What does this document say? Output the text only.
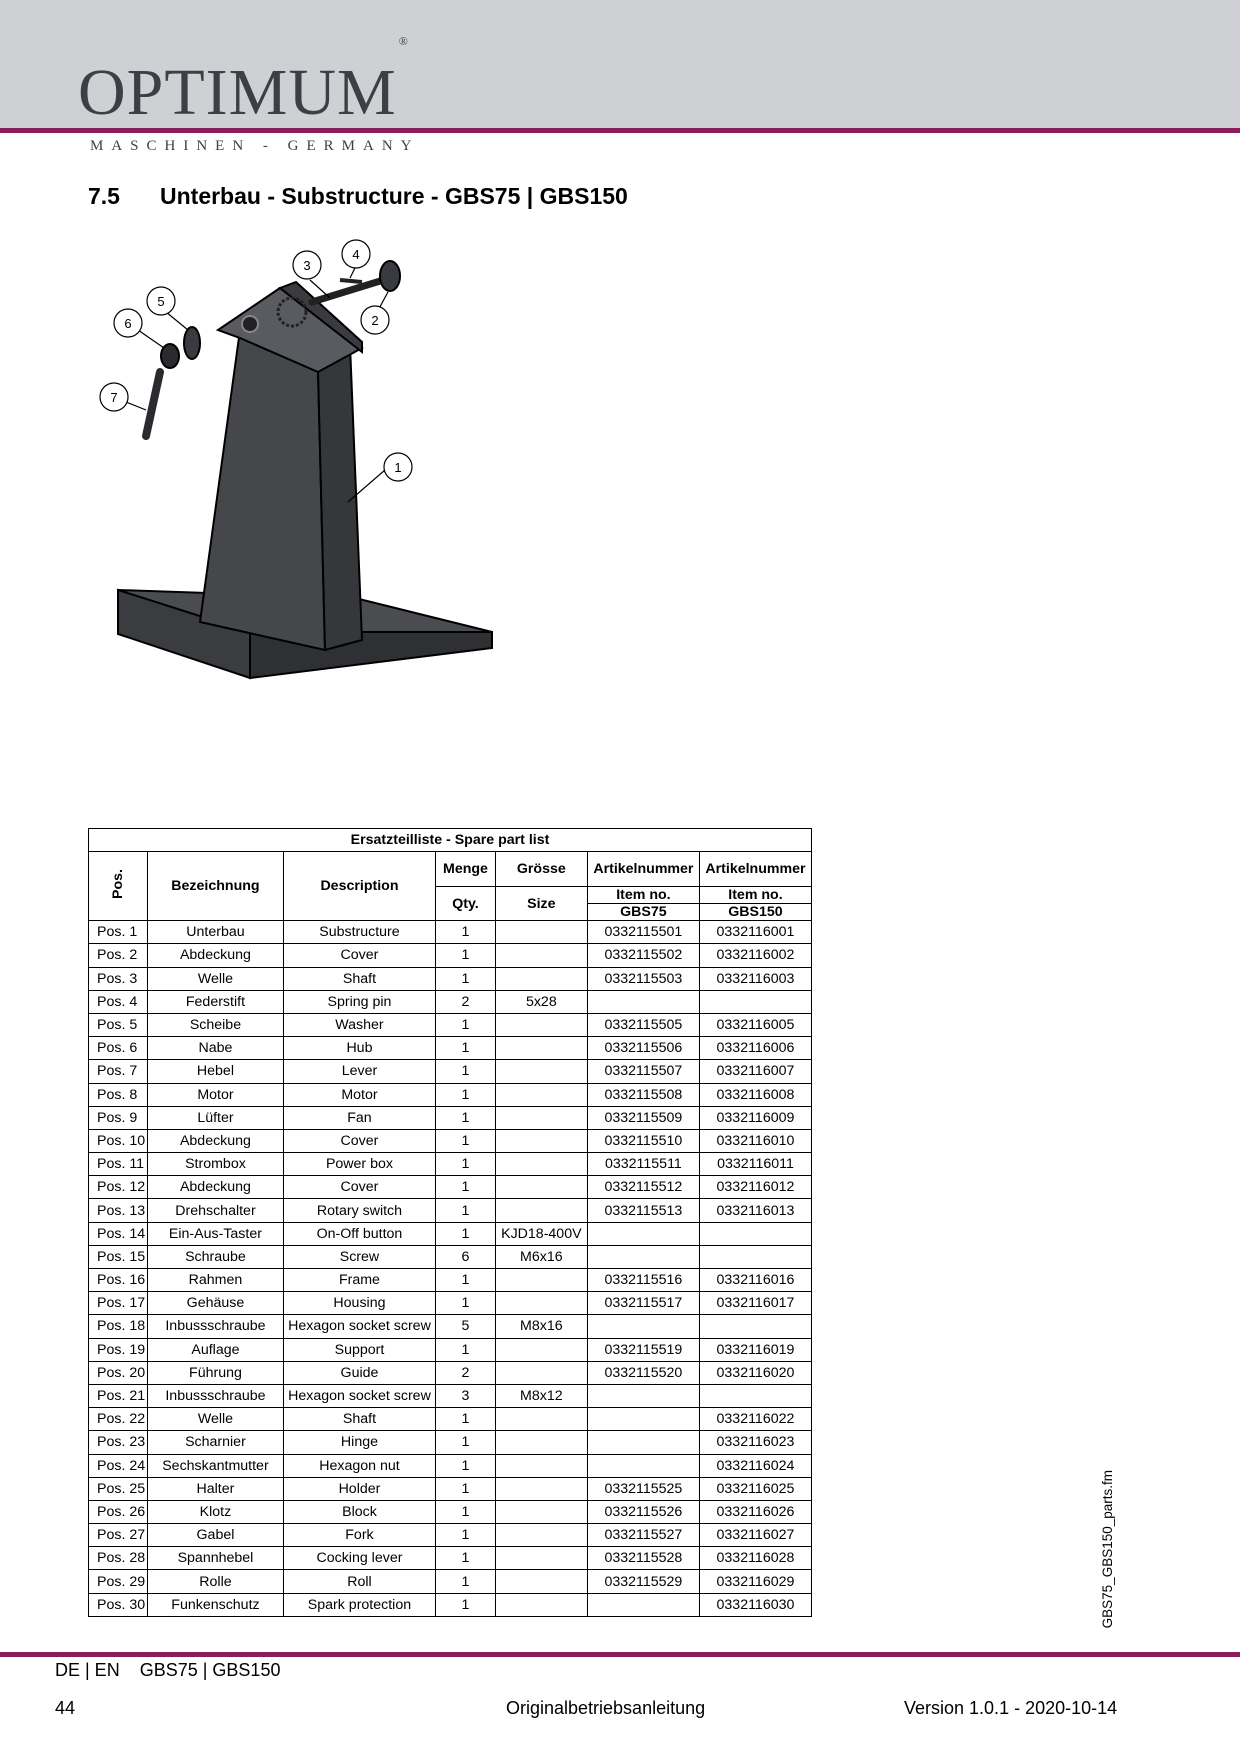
OPTIMUM®
MASCHINEN - GERMANY
7.5 Unterbau - Substructure - GBS75 | GBS150
1
2
3
4
5
6
7
Ersatzteilliste - Spare part list						
Pos.	Bezeichnung	Description	Menge	Grösse	Artikelnummer	Artikelnummer
			Qty.	Size	Item no.	Item no.
					GBS75	GBS150
Pos. 1	Unterbau	Substructure	1		0332115501	0332116001
Pos. 2	Abdeckung	Cover	1		0332115502	0332116002
Pos. 3	Welle	Shaft	1		0332115503	0332116003
Pos. 4	Federstift	Spring pin	2	5x28		
Pos. 5	Scheibe	Washer	1		0332115505	0332116005
Pos. 6	Nabe	Hub	1		0332115506	0332116006
Pos. 7	Hebel	Lever	1		0332115507	0332116007
Pos. 8	Motor	Motor	1		0332115508	0332116008
Pos. 9	Lüfter	Fan	1		0332115509	0332116009
Pos. 10	Abdeckung	Cover	1		0332115510	0332116010
Pos. 11	Strombox	Power box	1		0332115511	0332116011
Pos. 12	Abdeckung	Cover	1		0332115512	0332116012
Pos. 13	Drehschalter	Rotary switch	1		0332115513	0332116013
Pos. 14	Ein-Aus-Taster	On-Off button	1	KJD18-400V		
Pos. 15	Schraube	Screw	6	M6x16		
Pos. 16	Rahmen	Frame	1		0332115516	0332116016
Pos. 17	Gehäuse	Housing	1		0332115517	0332116017
Pos. 18	Inbussschraube	Hexagon socket screw	5	M8x16		
Pos. 19	Auflage	Support	1		0332115519	0332116019
Pos. 20	Führung	Guide	2		0332115520	0332116020
Pos. 21	Inbussschraube	Hexagon socket screw	3	M8x12		
Pos. 22	Welle	Shaft	1			0332116022
Pos. 23	Scharnier	Hinge	1			0332116023
Pos. 24	Sechskantmutter	Hexagon nut	1			0332116024
Pos. 25	Halter	Holder	1		0332115525	0332116025
Pos. 26	Klotz	Block	1		0332115526	0332116026
Pos. 27	Gabel	Fork	1		0332115527	0332116027
Pos. 28	Spannhebel	Cocking lever	1		0332115528	0332116028
Pos. 29	Rolle	Roll	1		0332115529	0332116029
Pos. 30	Funkenschutz	Spark protection	1			0332116030	GBS75_GBS150_parts.fm
DE | EN GBS75 | GBS150
44	Originalbetriebsanleitung	Version 1.0.1 - 2020-10-14
